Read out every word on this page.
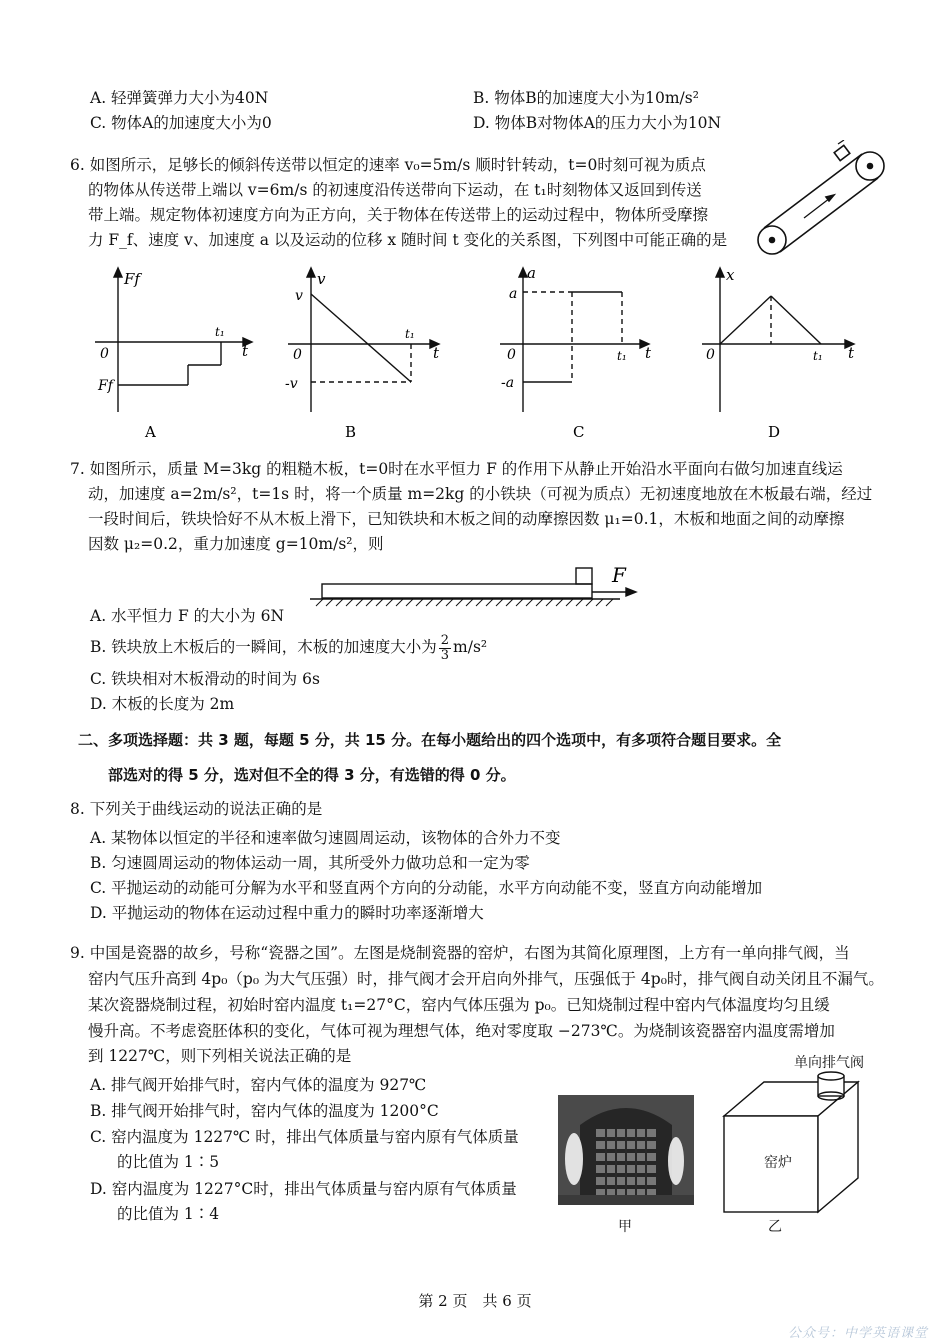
A. 轻弹簧弹力大小为40N	B. 物体B的加速度大小为10m/s²
C. 物体A的加速度大小为0	D. 物体B对物体A的压力大小为10N
6. 如图所示，足够长的倾斜传送带以恒定的速率 v₀=5m/s 顺时针转动，t=0时刻可视为质点
的物体从传送带上端以 v=6m/s 的初速度沿传送带向下运动，在 t₁时刻物体又返回到传送
带上端。规定物体初速度方向为正方向，关于物体在传送带上的运动过程中，物体所受摩擦
力 F_f、速度 v、加速度 a 以及运动的位移 x 随时间 t 变化的关系图，下列图中可能正确的是
Ff
0
Ff
t₁
t
A
v
v
0
-v
t₁
t
B
a
a
0
-a
t₁ t
C
x
0	t₁ t
D
7. 如图所示，质量 M=3kg 的粗糙木板，t=0时在水平恒力 F 的作用下从静止开始沿水平面向右做匀加速直线运
动，加速度 a=2m/s²，t=1s 时，将一个质量 m=2kg 的小铁块（可视为质点）无初速度地放在木板最右端，经过
一段时间后，铁块恰好不从木板上滑下，已知铁块和木板之间的动摩擦因数 μ₁=0.1，木板和地面之间的动摩擦
因数 μ₂=0.2，重力加速度 g=10m/s²，则
F
A. 水平恒力 F 的大小为 6N
B. 铁块放上木板后的一瞬间，木板的加速度大小为 $\frac{2}{3} m/s^2$
C. 铁块相对木板滑动的时间为 6s
D. 木板的长度为 2m
二、多项选择题：共 3 题，每题 5 分，共 15 分。在每小题给出的四个选项中，有多项符合题目要求。全
部选对的得 5 分，选对但不全的得 3 分，有选错的得 0 分。
8. 下列关于曲线运动的说法正确的是
A. 某物体以恒定的半径和速率做匀速圆周运动，该物体的合外力不变
B. 匀速圆周运动的物体运动一周，其所受外力做功总和一定为零
C. 平抛运动的动能可分解为水平和竖直两个方向的分动能，水平方向动能不变，竖直方向动能增加
D. 平抛运动的物体在运动过程中重力的瞬时功率逐渐增大
9. 中国是瓷器的故乡，号称“瓷器之国”。左图是烧制瓷器的窑炉，右图为其简化原理图，上方有一单向排气阀，当
窑内气压升高到 4p₀（p₀ 为大气压强）时，排气阀才会开启向外排气，压强低于 4p₀时，排气阀自动关闭且不漏气。
某次瓷器烧制过程，初始时窑内温度 t₁=27°C，窑内气体压强为 p₀。已知烧制过程中窑内气体温度均匀且缓
慢升高。不考虑瓷胚体积的变化，气体可视为理想气体，绝对零度取 −273℃。为烧制该瓷器窑内温度需增加
到 1227℃，则下列相关说法正确的是
A. 排气阀开始排气时，窑内气体的温度为 927℃
B. 排气阀开始排气时，窑内气体的温度为 1200°C
C. 窑内温度为 1227℃ 时，排出气体质量与窑内原有气体质量
的比值为 1∶5
D. 窑内温度为 1227°C时，排出气体质量与窑内原有气体质量
的比值为 1∶4
甲
单向排气阀
窑炉
乙
第 2 页　共 6 页
公众号：中学英语课堂
